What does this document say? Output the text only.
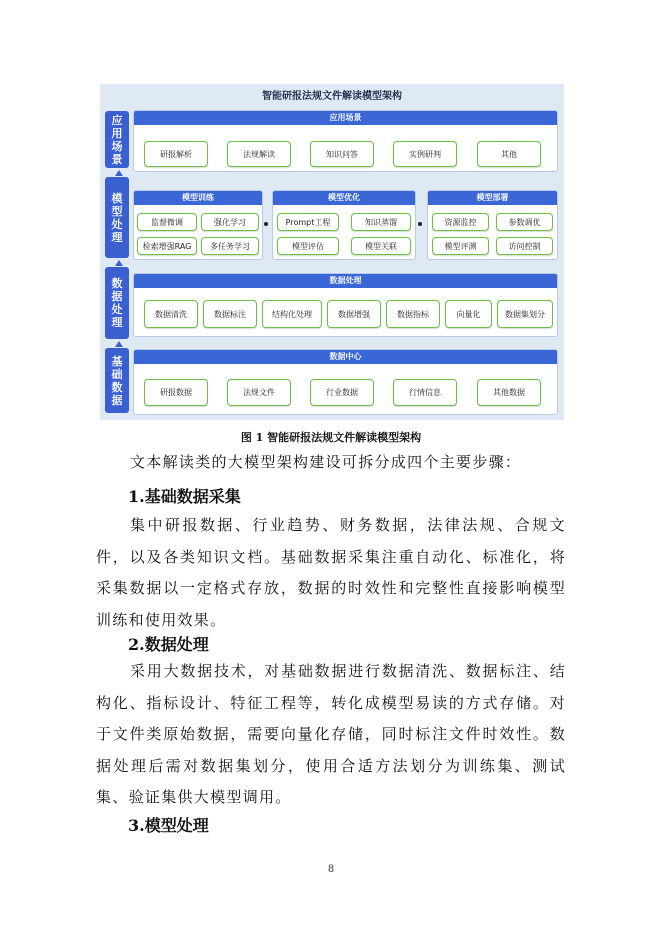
智能研报法规文件解读模型架构
应用场景
模型处理
数据处理
基础数据
应用场景
研报解析	法规解读	知识问答	实例研判	其他
模型训练
监督微调	强化学习
检索增强RAG	多任务学习
模型优化
Prompt工程	知识蒸馏
模型评估	模型关联
模型部署
资源监控	参数调优
模型评测	访问控制
数据处理
数据清洗	数据标注	结构化处理	数据增强	数据指标	向量化	数据集划分
数据中心
研报数据	法规文件	行业数据	行情信息	其他数据
图 1 智能研报法规文件解读模型架构
文本解读类的大模型架构建设可拆分成四个主要步骤：
1.基础数据采集
集中研报数据、行业趋势、财务数据，法律法规、合规文件，以及各类知识文档。基础数据采集注重自动化、标准化，将采集数据以一定格式存放，数据的时效性和完整性直接影响模型训练和使用效果。
2.数据处理
采用大数据技术，对基础数据进行数据清洗、数据标注、结构化、指标设计、特征工程等，转化成模型易读的方式存储。对于文件类原始数据，需要向量化存储，同时标注文件时效性。数据处理后需对数据集划分，使用合适方法划分为训练集、测试集、验证集供大模型调用。
3.模型处理
8
